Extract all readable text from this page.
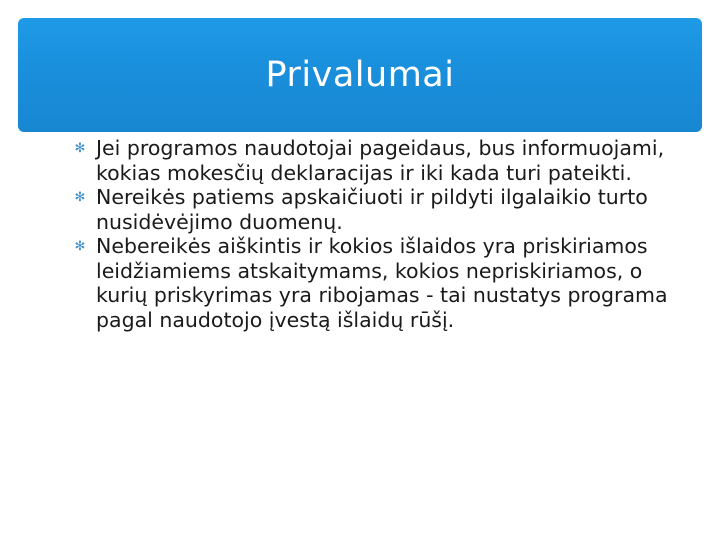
Privalumai
✻ Jei programos naudotojai pageidaus, bus informuojami, kokias mokesčių deklaracijas ir iki kada turi pateikti.
✻ Nereikės patiems apskaičiuoti ir pildyti ilgalaikio turto nusidėvėjimo duomenų.
✻ Nebereikės aiškintis ir kokios išlaidos yra priskiriamos leidžiamiems atskaitymams, kokios nepriskiriamos, o kurių priskyrimas yra ribojamas - tai nustatys programa pagal naudotojo įvestą išlaidų rūšį.
